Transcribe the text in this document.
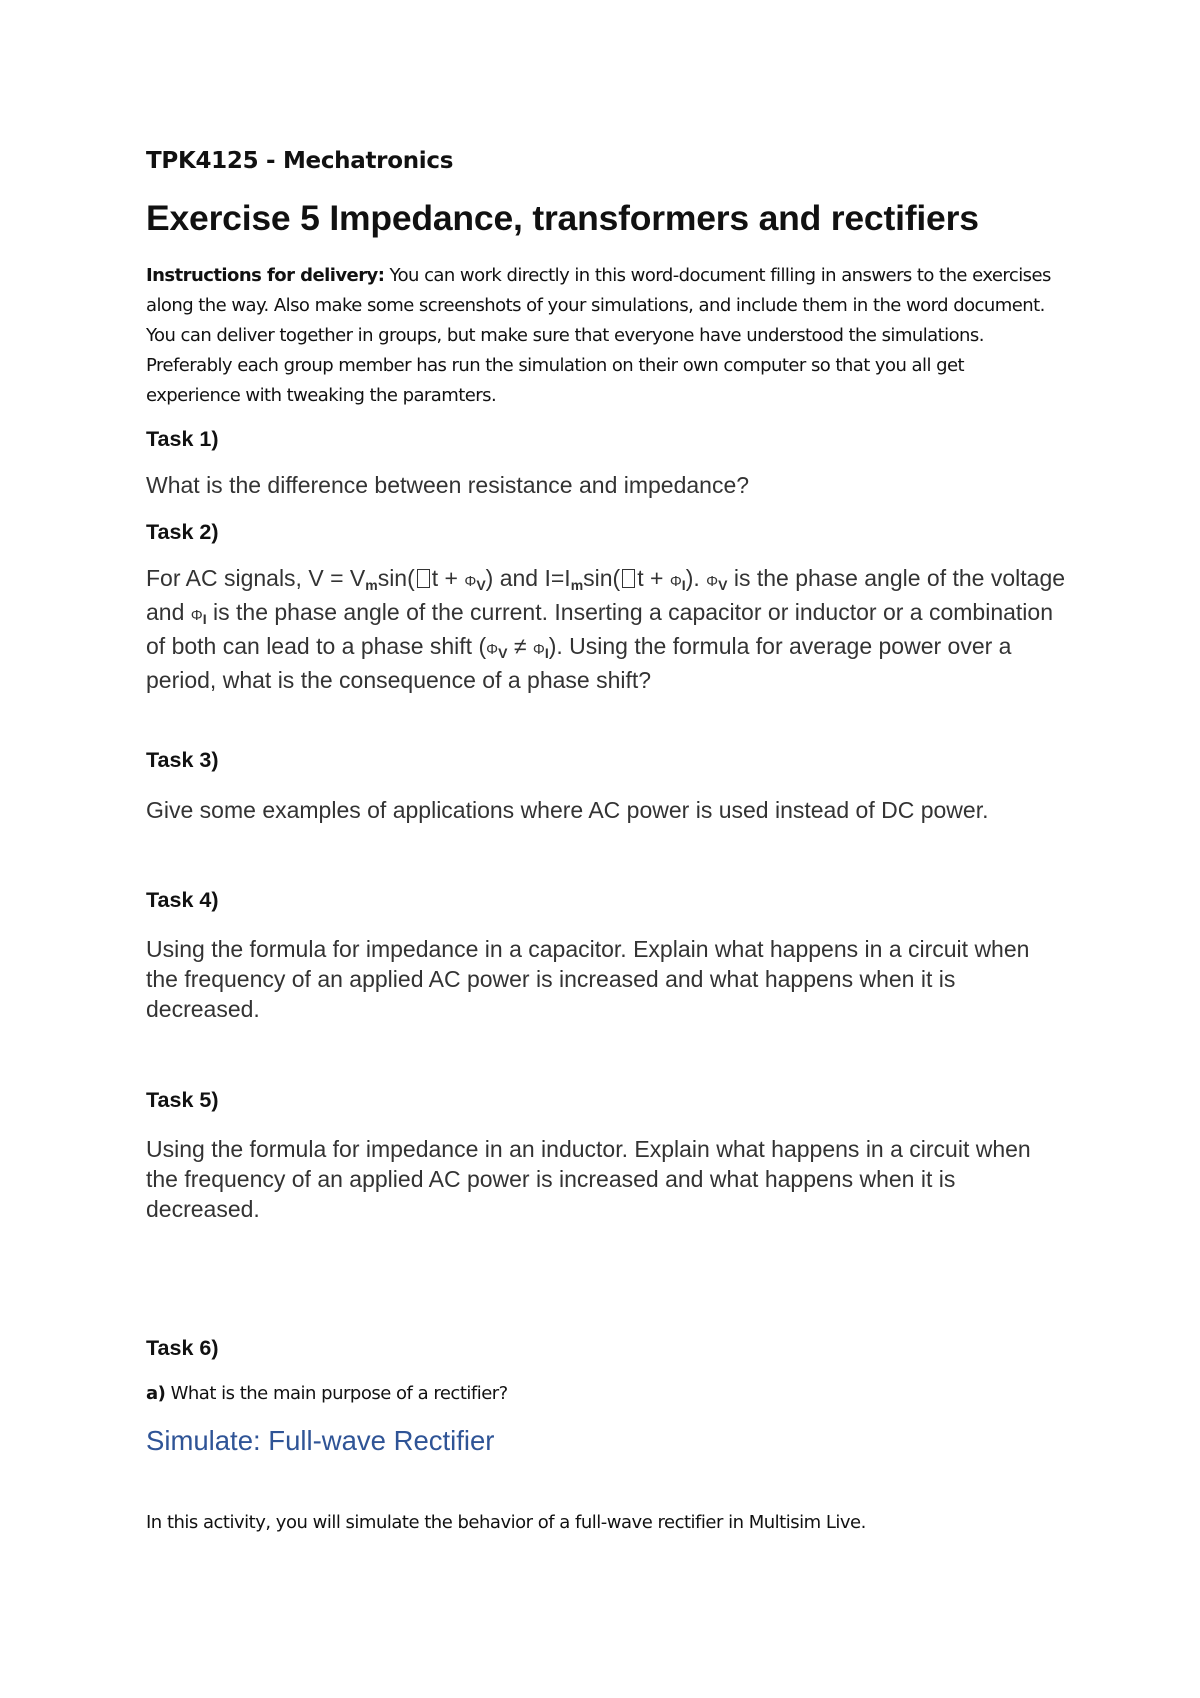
TPK4125 - Mechatronics

Exercise 5 Impedance, transformers and rectifiers

Instructions for delivery: You can work directly in this word-document filling in answers to the exercises along the way. Also make some screenshots of your simulations, and include them in the word document. You can deliver together in groups, but make sure that everyone have understood the simulations. Preferably each group member has run the simulation on their own computer so that you all get experience with tweaking the paramters.

Task 1)

What is the difference between resistance and impedance?

Task 2)

For AC signals, $V = V_m\sin$( $t + \Phi_V$) and $I=I_m\sin$( $t + \Phi_I$). $\Phi_V$ is the phase angle of the voltage and $\Phi_I$ is the phase angle of the current. Inserting a capacitor or inductor or a combination of both can lead to a phase shift $(\Phi_V \ne \Phi_I)$. Using the formula for average power over a period, what is the consequence of a phase shift?

Task 3)

Give some examples of applications where AC power is used instead of DC power.

Task 4)

Using the formula for impedance in a capacitor. Explain what happens in a circuit when the frequency of an applied AC power is increased and what happens when it is decreased.

Task 5)

Using the formula for impedance in an inductor. Explain what happens in a circuit when the frequency of an applied AC power is increased and what happens when it is decreased.

Task 6)

a) What is the main purpose of a rectifier?

Simulate: Full-wave Rectifier

In this activity, you will simulate the behavior of a full-wave rectifier in Multisim Live.
